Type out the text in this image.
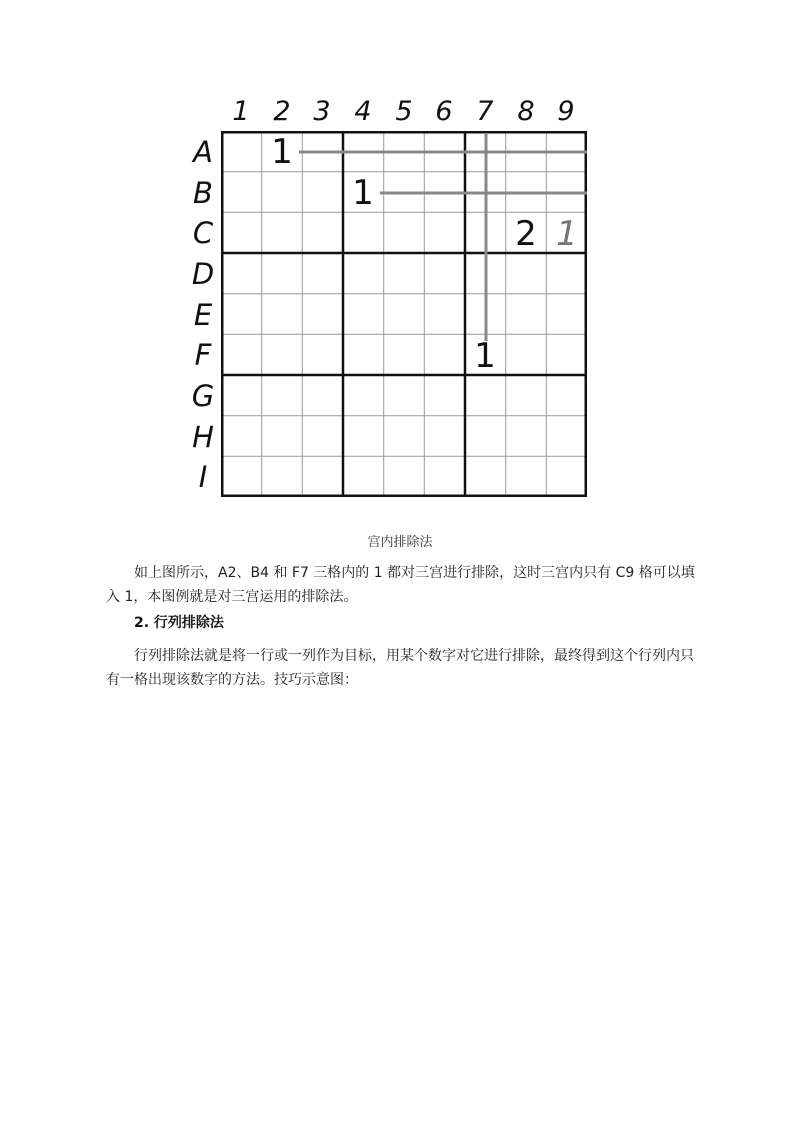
1 2 3 4 5 6 7 8 9
A
B
C
D
E
F
G
H
I
1
1
2 1
1
宫内排除法

如上图所示，A2、B4 和 F7 三格内的 1 都对三宫进行排除，这时三宫内只有 C9 格可以填入 1，本图例就是对三宫运用的排除法。

2. 行列排除法

行列排除法就是将一行或一列作为目标，用某个数字对它进行排除，最终得到这个行列内只有一格出现该数字的方法。技巧示意图：
